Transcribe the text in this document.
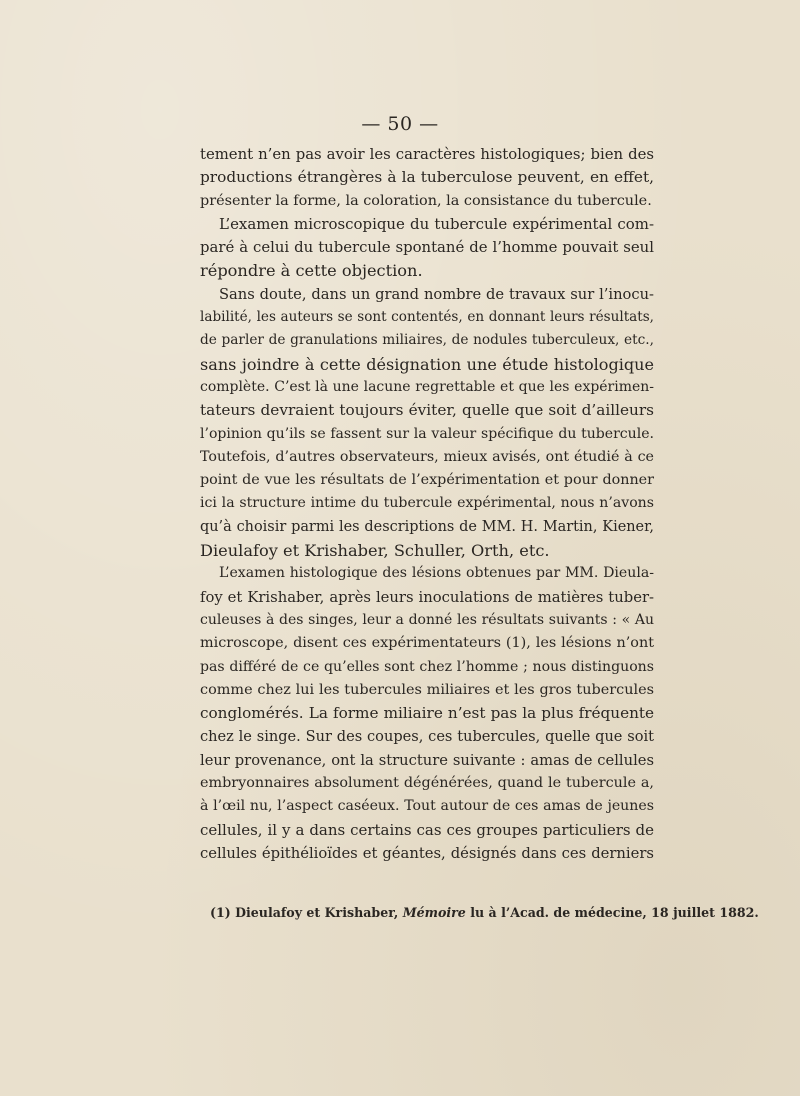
— 50 —
tement n’en pas avoir les caractères histologiques; bien des
productions étrangères à la tuberculose peuvent, en effet,
présenter la forme, la coloration, la consistance du tubercule.
L’examen microscopique du tubercule expérimental com-
paré à celui du tubercule spontané de l’homme pouvait seul
répondre à cette objection.
Sans doute, dans un grand nombre de travaux sur l’inocu-
labilité, les auteurs se sont contentés, en donnant leurs résultats,
de parler de granulations miliaires, de nodules tuberculeux, etc.,
sans joindre à cette désignation une étude histologique
complète. C’est là une lacune regrettable et que les expérimen-
tateurs devraient toujours éviter, quelle que soit d’ailleurs
l’opinion qu’ils se fassent sur la valeur spécifique du tubercule.
Toutefois, d’autres observateurs, mieux avisés, ont étudié à ce
point de vue les résultats de l’expérimentation et pour donner
ici la structure intime du tubercule expérimental, nous n’avons
qu’à choisir parmi les descriptions de MM. H. Martin, Kiener,
Dieulafoy et Krishaber, Schuller, Orth, etc.
L’examen histologique des lésions obtenues par MM. Dieula-
foy et Krishaber, après leurs inoculations de matières tuber-
culeuses à des singes, leur a donné les résultats suivants : « Au
microscope, disent ces expérimentateurs (1), les lésions n’ont
pas différé de ce qu’elles sont chez l’homme ; nous distinguons
comme chez lui les tubercules miliaires et les gros tubercules
conglomérés. La forme miliaire n’est pas la plus fréquente
chez le singe. Sur des coupes, ces tubercules, quelle que soit
leur provenance, ont la structure suivante : amas de cellules
embryonnaires absolument dégénérées, quand le tubercule a,
à l’œil nu, l’aspect caséeux. Tout autour de ces amas de jeunes
cellules, il y a dans certains cas ces groupes particuliers de
cellules épithélioïdes et géantes, désignés dans ces derniers
(1) Dieulafoy et Krishaber, Mémoire lu à l’Acad. de médecine, 18 juillet 1882.
